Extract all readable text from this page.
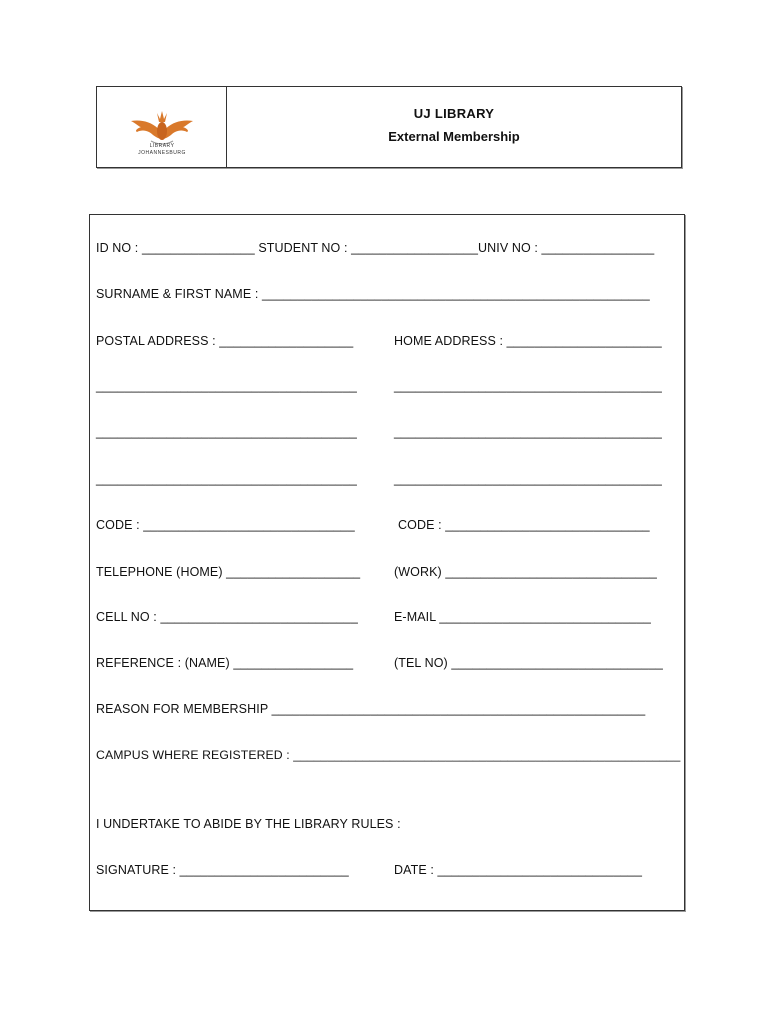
LIBRARY
JOHANNESBURG
UJ LIBRARY
External Membership
ID NO : ________________ STUDENT NO : __________________UNIV NO : ________________
SURNAME & FIRST NAME : _______________________________________________________
POSTAL ADDRESS : ___________________	HOME ADDRESS : ______________________
_____________________________________	______________________________________
_____________________________________	______________________________________
_____________________________________	______________________________________
CODE : ______________________________	CODE : _____________________________
TELEPHONE (HOME) ___________________	(WORK) ______________________________
CELL NO : ____________________________	E-MAIL ______________________________
REFERENCE : (NAME) _________________	(TEL NO) ______________________________
REASON FOR MEMBERSHIP _____________________________________________________
CAMPUS WHERE REGISTERED : ________________________________________________________
I UNDERTAKE TO ABIDE BY THE LIBRARY RULES :
SIGNATURE : ________________________	DATE : _____________________________
